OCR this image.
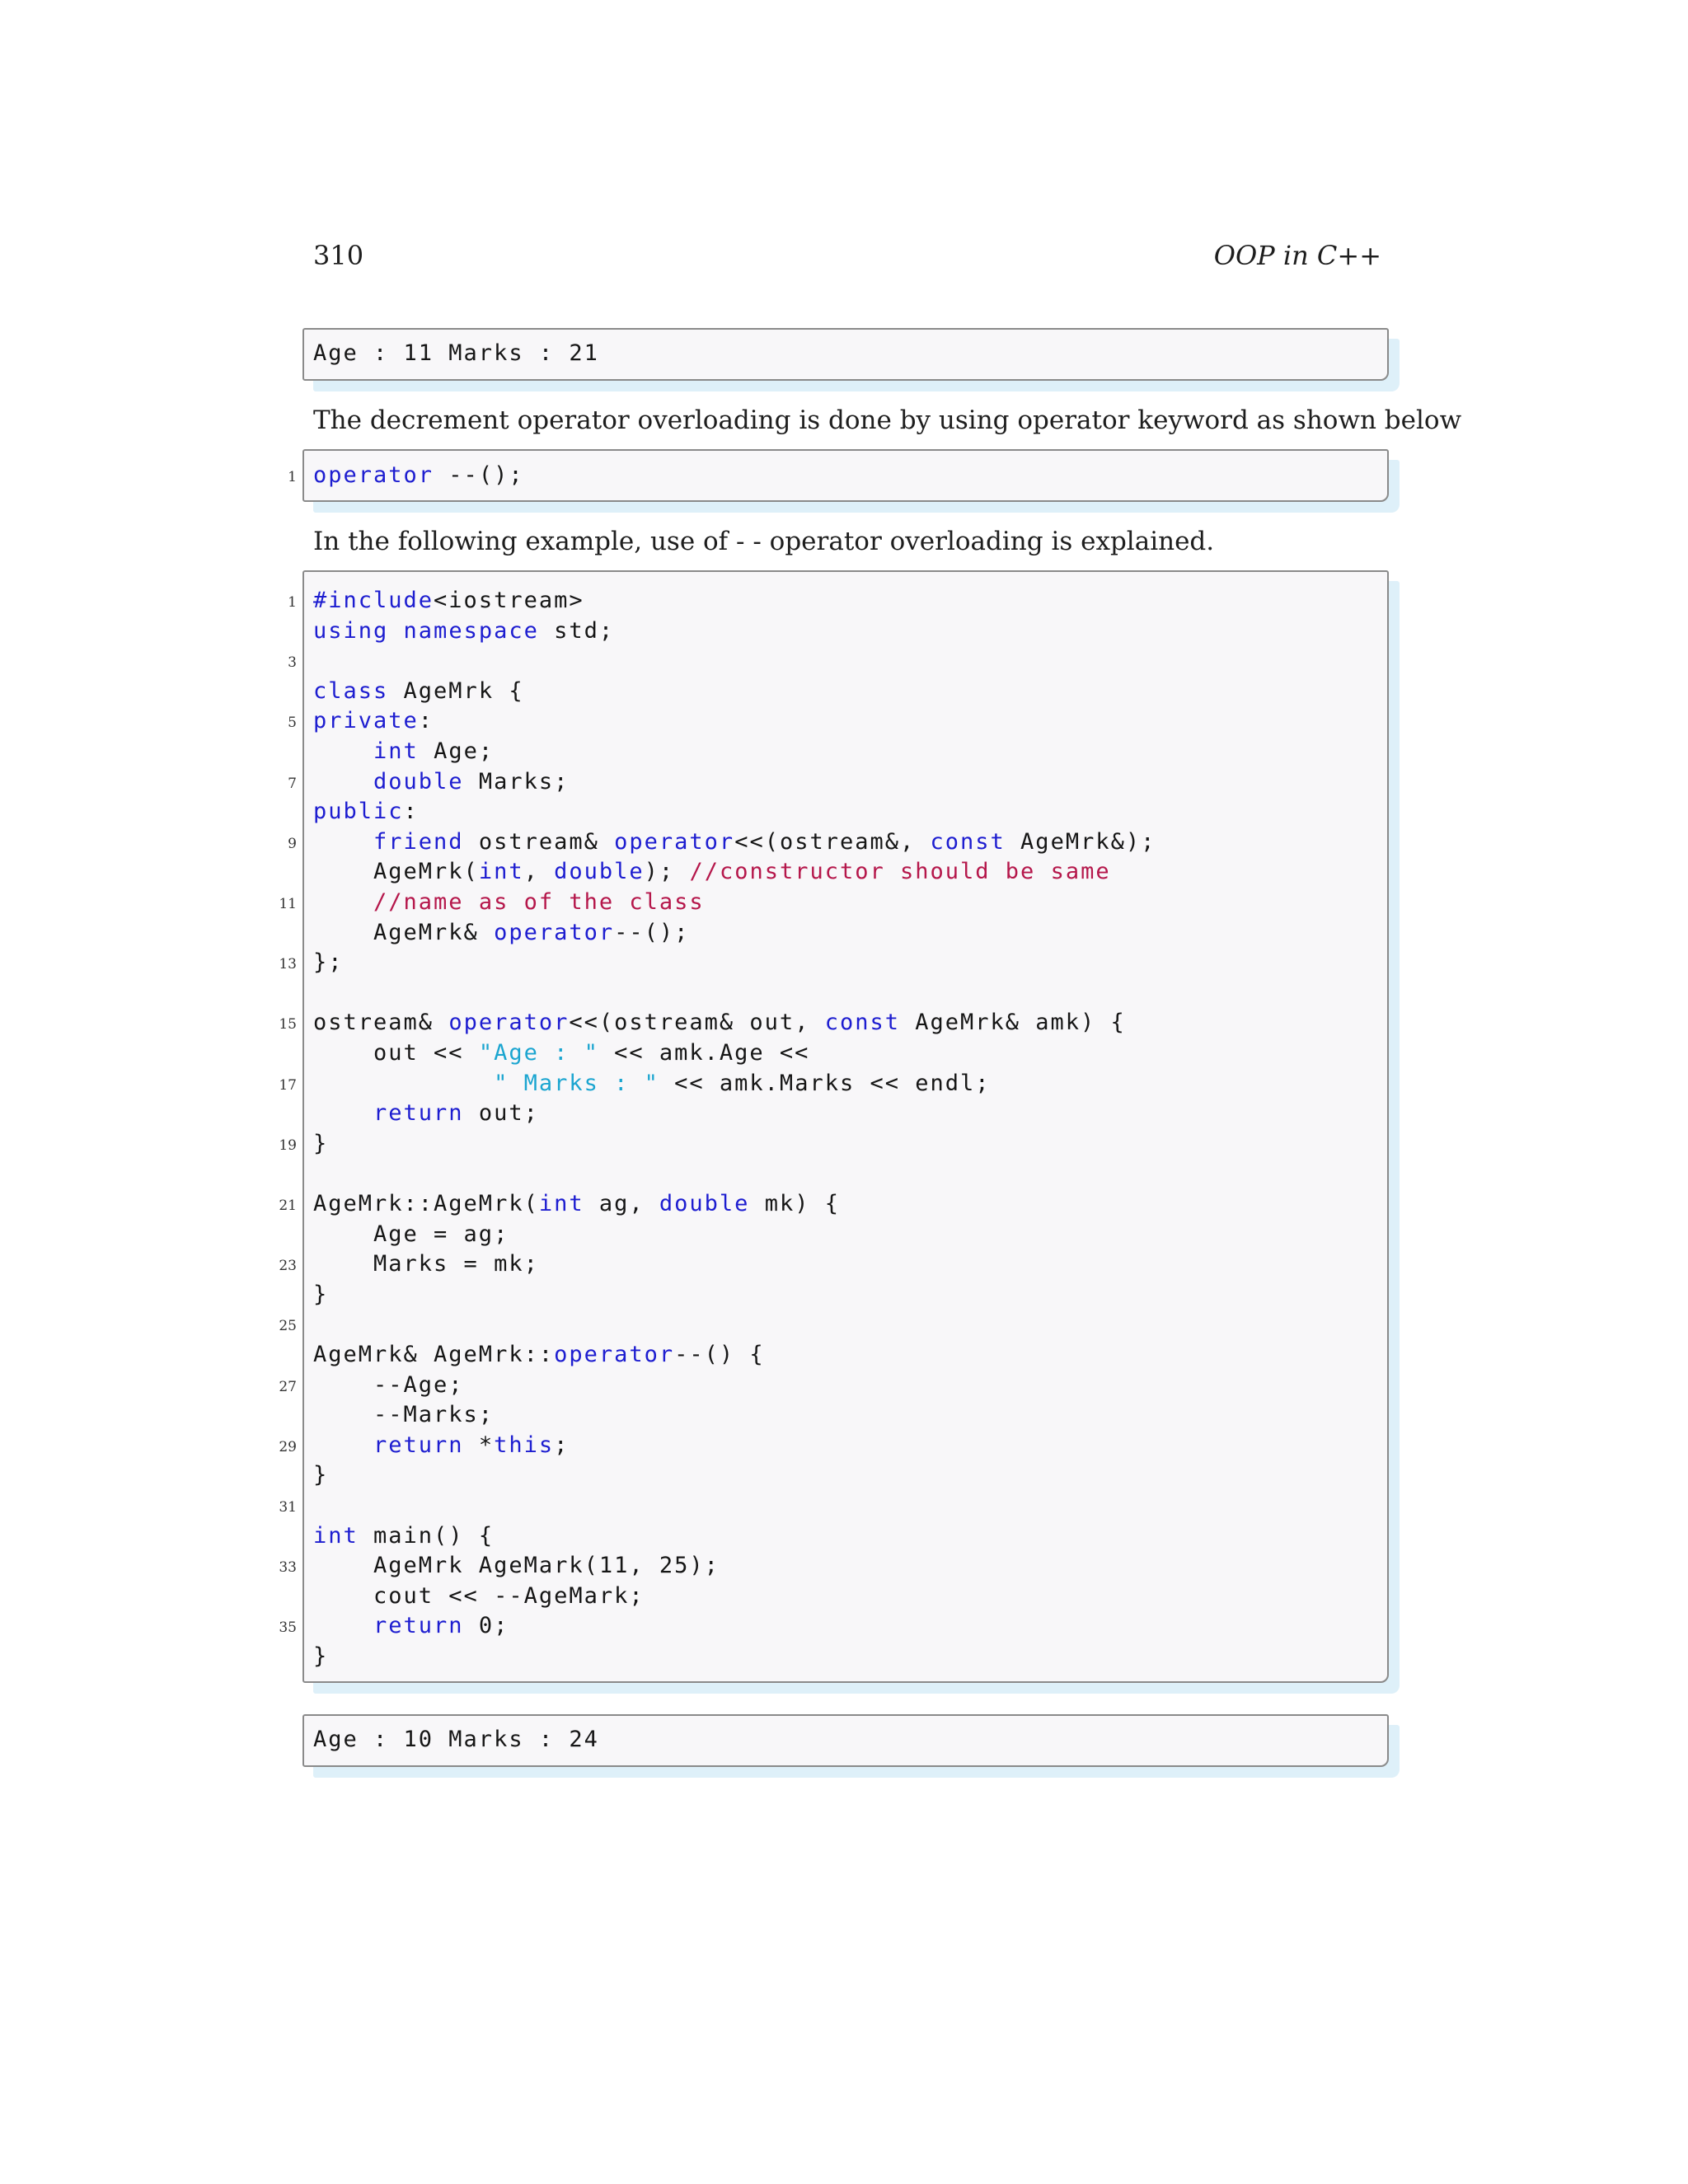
310	OOP in C++
Age : 11 Marks : 21
The decrement operator overloading is done by using operator keyword as shown below
1 operator --();
In the following example, use of - - operator overloading is explained.
1 #include<iostream>
using namespace std;
3
class AgeMrk {
5 private:
int Age;
7	double Marks;
public:
9	friend ostream& operator<<(ostream&, const AgeMrk&);
AgeMrk(int, double); //constructor should be same
11	//name as of the class
AgeMrk& operator--();
13 };
15 ostream& operator<<(ostream& out, const AgeMrk& amk) {
out << "Age : " << amk.Age <<
17	" Marks : " << amk.Marks << endl;
return out;
19 }
21 AgeMrk::AgeMrk(int ag, double mk) {
Age = ag;
23 Marks = mk;
}
25
AgeMrk& AgeMrk::operator--() {
27 --Age;
--Marks;
29	return *this;
}
31
int main() {
33 AgeMrk AgeMark(11, 25);
cout << --AgeMark;
35	return 0;
}
Age : 10 Marks : 24
